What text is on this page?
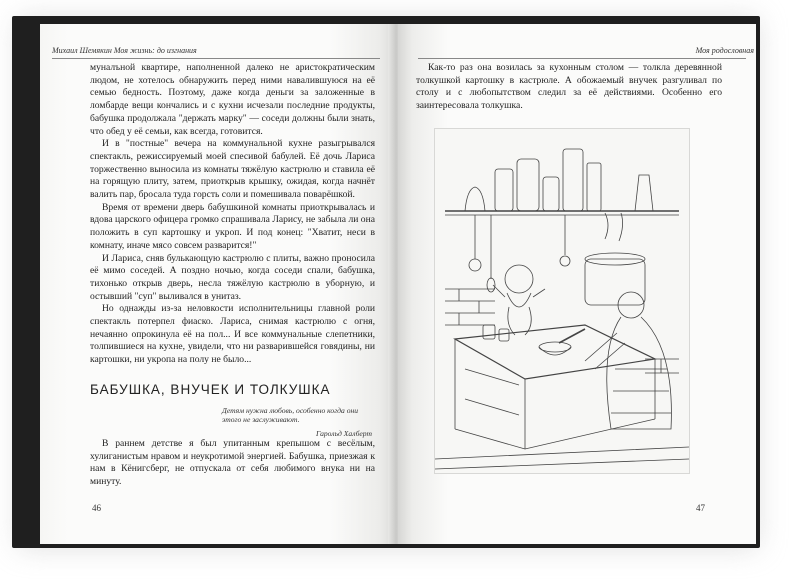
Михаил Шемякин Моя жизнь: до изгнания	Моя родословная

муналъной квартире, наполненной далеко не аристократическим людом, не хотелось обнаружить перед ними навалившуюся на её семью бедность. Поэтому, даже когда деньги за заложенные в ломбарде вещи кончались и с кухни исчезали последние продукты, бабушка продолжала "держать марку" — соседи должны были знать, что обед у её семьи, как всегда, готовится.

И в "постные" вечера на коммунальной кухне разыгрывался спектакль, режиссируемый моей спесивой бабулей. Её дочь Лариса торжественно выносила из комнаты тяжёлую кастрюлю и ставила её на горящую плиту, затем, приоткрыв крышку, ожидая, когда начнёт валить пар, бросала туда горсть соли и помешивала поварёшкой.

Время от времени дверь бабушкиной комнаты приоткрывалась и вдова царского офицера громко спрашивала Ларису, не забыла ли она положить в суп картошку и укроп. И под конец: "Хватит, неси в комнату, иначе мясо совсем разварится!"

И Лариса, сняв булькающую кастрюлю с плиты, важно проносила её мимо соседей. А поздно ночью, когда соседи спали, бабушка, тихонько открыв дверь, несла тяжёлую кастрюлю в уборную, и остывший "суп" выливался в унитаз.

Но однажды из-за неловкости исполнительницы главной роли спектакль потерпел фиаско. Лариса, снимая кастрюлю с огня, нечаянно опрокинула её на пол... И все коммунальные слепетники, толпившиеся на кухне, увидели, что ни разварившейся говядины, ни картошки, ни укропа на полу не было...

БАБУШКА, ВНУЧЕК И ТОЛКУШКА
Детям нужна любовь, особенно когда они этого не заслуживают.
Гарольд Халберт

В раннем детстве я был упитанным крепышом с весёлым, хулиганистым нравом и неукротимой энергией. Бабушка, приезжая к нам в Кёнигсберг, не отпускала от себя любимого внука ни на минуту.

46

Как-то раз она возилась за кухонным столом — толкла деревянной толкушкой картошку в кастрюле. А обожаемый внучек разгуливал по столу и с любопытством следил за её действиями. Особенно его заинтересовала толкушка.

47
